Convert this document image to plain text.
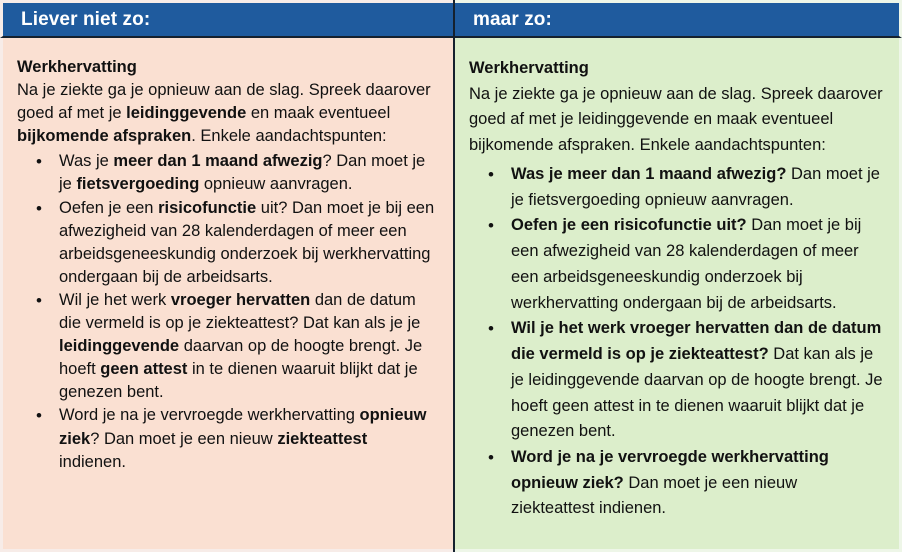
Liever niet zo:
Werkhervatting

Na je ziekte ga je opnieuw aan de slag. Spreek daarover goed af met je leidinggevende en maak eventueel bijkomende afspraken. Enkele aandachtspunten:

• Was je meer dan 1 maand afwezig? Dan moet je je fietsvergoeding opnieuw aanvragen.
• Oefen je een risicofunctie uit? Dan moet je bij een afwezigheid van 28 kalenderdagen of meer een arbeidsgeneeskundig onderzoek bij werkhervatting ondergaan bij de arbeidsarts.
• Wil je het werk vroeger hervatten dan de datum die vermeld is op je ziekteattest? Dat kan als je je leidinggevende daarvan op de hoogte brengt. Je hoeft geen attest in te dienen waaruit blijkt dat je genezen bent.
• Word je na je vervroegde werkhervatting opnieuw ziek? Dan moet je een nieuw ziekteattest indienen.
maar zo:
Werkhervatting

Na je ziekte ga je opnieuw aan de slag. Spreek daarover goed af met je leidinggevende en maak eventueel bijkomende afspraken. Enkele aandachtspunten:

• Was je meer dan 1 maand afwezig? Dan moet je je fietsvergoeding opnieuw aanvragen.
• Oefen je een risicofunctie uit? Dan moet je bij een afwezigheid van 28 kalenderdagen of meer een arbeidsgeneeskundig onderzoek bij werkhervatting ondergaan bij de arbeidsarts.
• Wil je het werk vroeger hervatten dan de datum die vermeld is op je ziekteattest? Dat kan als je je leidinggevende daarvan op de hoogte brengt. Je hoeft geen attest in te dienen waaruit blijkt dat je genezen bent.
• Word je na je vervroegde werkhervatting opnieuw ziek? Dan moet je een nieuw ziekteattest indienen.
